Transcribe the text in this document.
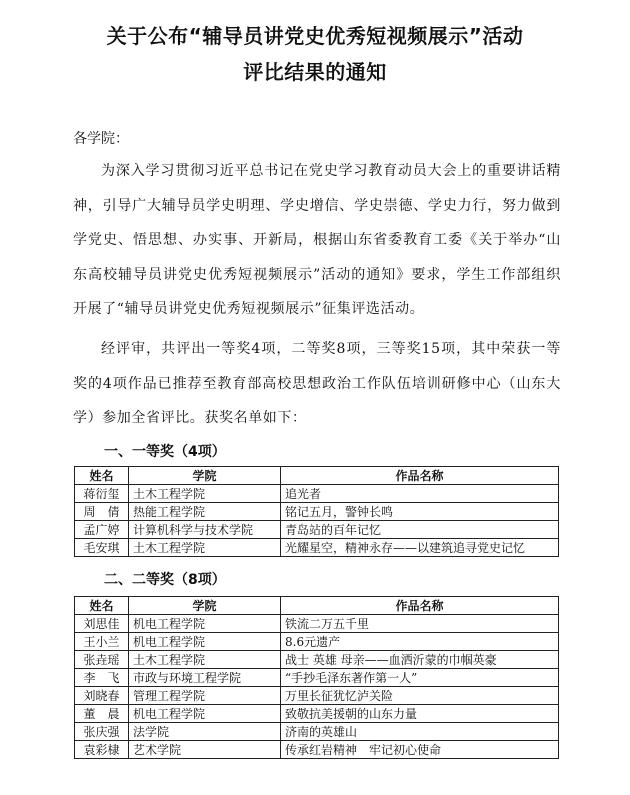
关于公布“辅导员讲党史优秀短视频展示”活动
评比结果的通知
各学院：
为深入学习贯彻习近平总书记在党史学习教育动员大会上的重要讲话精神，引导广大辅导员学史明理、学史增信、学史崇德、学史力行，努力做到学党史、悟思想、办实事、开新局，根据山东省委教育工委《关于举办“山东高校辅导员讲党史优秀短视频展示”活动的通知》要求，学生工作部组织开展了“辅导员讲党史优秀短视频展示”征集评选活动。
经评审，共评出一等奖4项，二等奖8项，三等奖15项，其中荣获一等奖的4项作品已推荐至教育部高校思想政治工作队伍培训研修中心（山东大学）参加全省评比。获奖名单如下：
一、一等奖（4项）
姓名	学院	作品名称
蒋衍玺	土木工程学院	追光者
周　倩	热能工程学院	铭记五月，警钟长鸣
孟广婷	计算机科学与技术学院	青岛站的百年记忆
毛安琪	土木工程学院	光耀星空，精神永存——以建筑追寻党史记忆
二、二等奖（8项）
姓名	学院	作品名称
刘思佳	机电工程学院	铁流二万五千里
王小兰	机电工程学院	8.6元遗产
张垚瑶	土木工程学院	战士 英雄 母亲——血洒沂蒙的巾帼英豪
李　飞	市政与环境工程学院	“手抄毛泽东著作第一人”
刘晓春	管理工程学院	万里长征犹忆泸关险
董　晨	机电工程学院	致敬抗美援朝的山东力量
张庆强	法学院	济南的英雄山
袁彩棣	艺术学院	传承红岩精神　牢记初心使命
